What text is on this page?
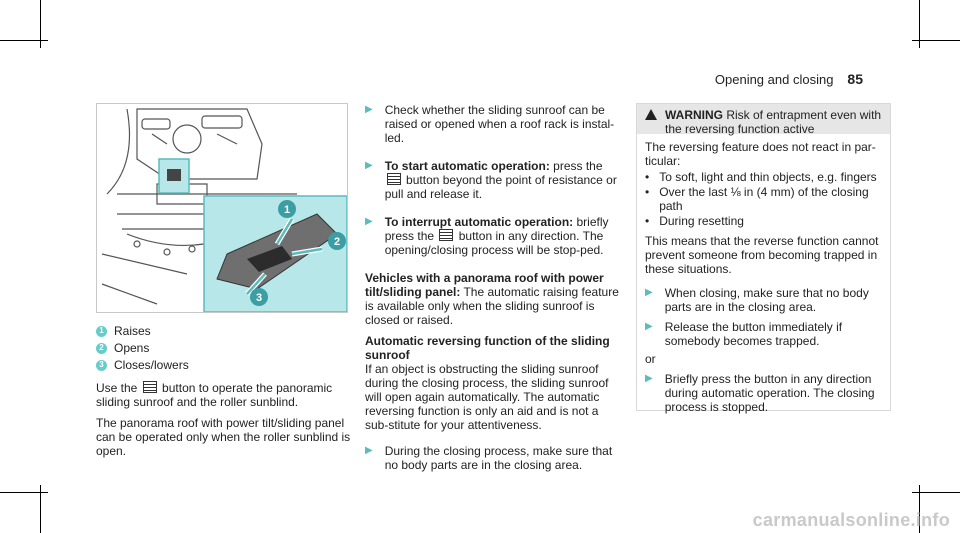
Opening and closing 85
1
2
3
1 Raises
2 Opens
3 Closes/lowers

Use the button to operate the panoramic sliding sunroof and the roller sunblind.

The panorama roof with power tilt/sliding panel can be operated only when the roller sunblind is open.

▶ Check whether the sliding sunroof can be raised or opened when a roof rack is instal‐led.
▶ To start automatic operation: press the  button beyond the point of resistance or pull and release it.
▶ To interrupt automatic operation: briefly press the button in any direction. The opening/closing process will be stop‐ped.

Vehicles with a panorama roof with power tilt/sliding panel: The automatic raising feature is available only when the sliding sunroof is closed or raised.

Automatic reversing function of the sliding sunroof

If an object is obstructing the sliding sunroof during the closing process, the sliding sunroof will open again automatically. The automatic reversing function is only an aid and is not a sub‐stitute for your attentiveness.

▶ During the closing process, make sure that no body parts are in the closing area.
WARNING Risk of entrapment even with the reversing function active

The reversing feature does not react in par‐ticular:

• To soft, light and thin objects, e.g. fingers
• Over the last ⅛ in (4 mm) of the closing path
• During resetting

This means that the reverse function cannot prevent someone from becoming trapped in these situations.

▶ When closing, make sure that no body parts are in the closing area.
▶ Release the button immediately if somebody becomes trapped.

or

▶ Briefly press the button in any direction during automatic operation. The closing process is stopped.
carmanualsonline.info
